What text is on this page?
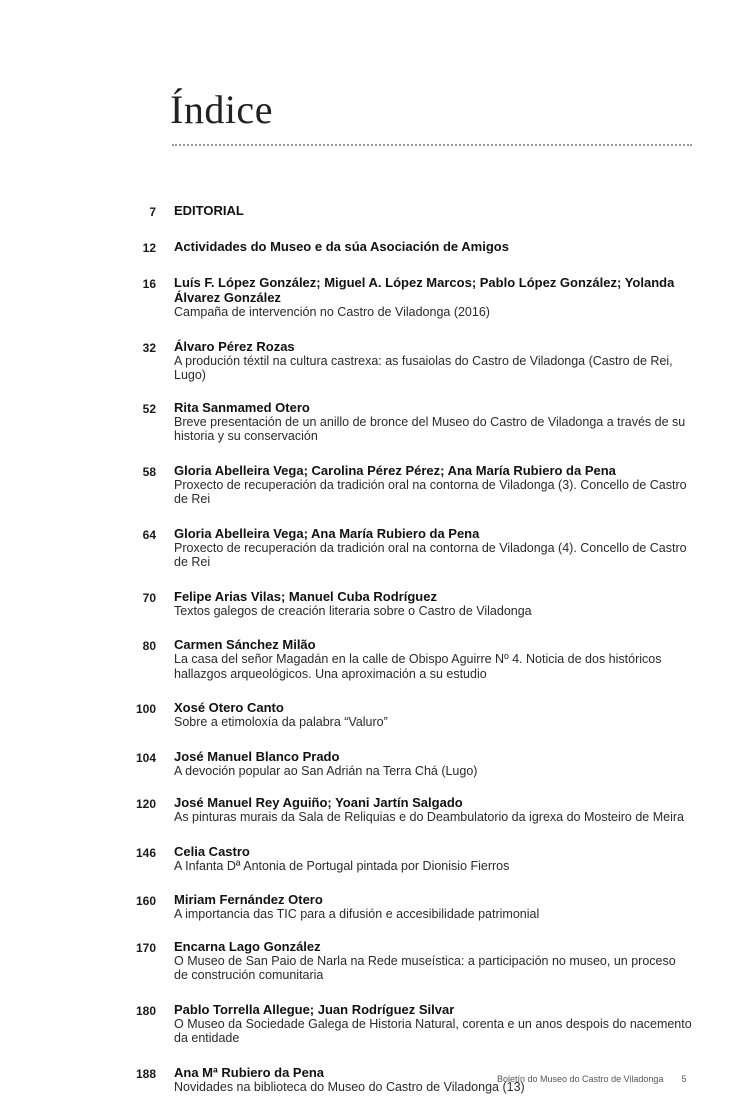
Índice
7 EDITORIAL
12 Actividades do Museo e da súa Asociación de Amigos
16 Luís F. López González; Miguel A. López Marcos; Pablo López González; Yolanda Álvarez González
Campaña de intervención no Castro de Viladonga (2016)
32 Álvaro Pérez Rozas
A produción téxtil na cultura castrexa: as fusaiolas do Castro de Viladonga (Castro de Rei, Lugo)
52 Rita Sanmamed Otero
Breve presentación de un anillo de bronce del Museo do Castro de Viladonga a través de su historia y su conservación
58 Gloria Abelleira Vega; Carolina Pérez Pérez; Ana María Rubiero da Pena
Proxecto de recuperación da tradición oral na contorna de Viladonga (3). Concello de Castro de Rei
64 Gloria Abelleira Vega; Ana María Rubiero da Pena
Proxecto de recuperación da tradición oral na contorna de Viladonga (4). Concello de Castro de Rei
70 Felipe Arias Vilas; Manuel Cuba Rodríguez
Textos galegos de creación literaria sobre o Castro de Viladonga
80 Carmen Sánchez Milão
La casa del señor Magadán en la calle de Obispo Aguirre Nº 4. Noticia de dos históricos hallazgos arqueológicos. Una aproximación a su estudio
100 Xosé Otero Canto
Sobre a etimoloxía da palabra “Valuro”
104 José Manuel Blanco Prado
A devoción popular ao San Adrián na Terra Chá (Lugo)
120 José Manuel Rey Aguiño; Yoani Jartín Salgado
As pinturas murais da Sala de Reliquias e do Deambulatorio da igrexa do Mosteiro de Meira
146 Celia Castro
A Infanta Dª Antonia de Portugal pintada por Dionisio Fierros
160 Miriam Fernández Otero
A importancia das TIC para a difusión e accesibilidade patrimonial
170 Encarna Lago González
O Museo de San Paio de Narla na Rede museística: a participación no museo, un proceso de construción comunitaria
180 Pablo Torrella Allegue; Juan Rodríguez Silvar
O Museo da Sociedade Galega de Historia Natural, corenta e un anos despois do nacemento da entidade
188 Ana Mª Rubiero da Pena
Novidades na biblioteca do Museo do Castro de Viladonga (13)
Boletín do Museo do Castro de Viladonga 5
